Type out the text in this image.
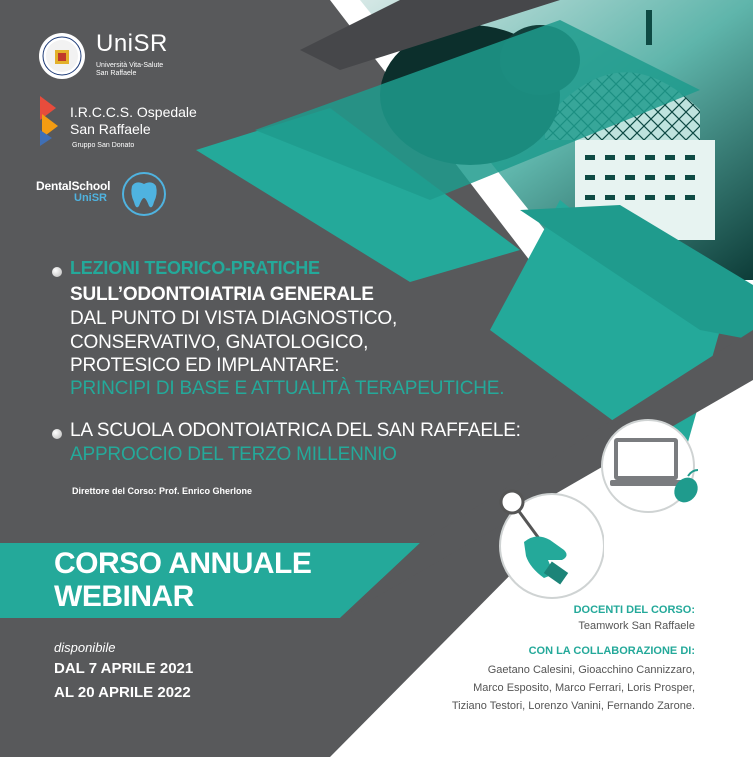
UniSR
Università Vita-Salute
San Raffaele
I.R.C.C.S. Ospedale
San Raffaele
Gruppo San Donato
DentalSchool
UniSR
LEZIONI TEORICO-PRATICHE
SULL’ODONTOIATRIA GENERALE
DAL PUNTO DI VISTA DIAGNOSTICO,
CONSERVATIVO, GNATOLOGICO,
PROTESICO ED IMPLANTARE:
PRINCIPI DI BASE E ATTUALITÀ TERAPEUTICHE.
LA SCUOLA ODONTOIATRICA DEL SAN RAFFAELE:
APPROCCIO DEL TERZO MILLENNIO
Direttore del Corso: Prof. Enrico Gherlone
CORSO ANNUALE
WEBINAR
disponibile
DAL 7 APRILE 2021
AL 20 APRILE 2022
DOCENTI DEL CORSO:
Teamwork San Raffaele
CON LA COLLABORAZIONE DI:
Gaetano Calesini, Gioacchino Cannizzaro,
Marco Esposito, Marco Ferrari, Loris Prosper,
Tiziano Testori, Lorenzo Vanini, Fernando Zarone.
